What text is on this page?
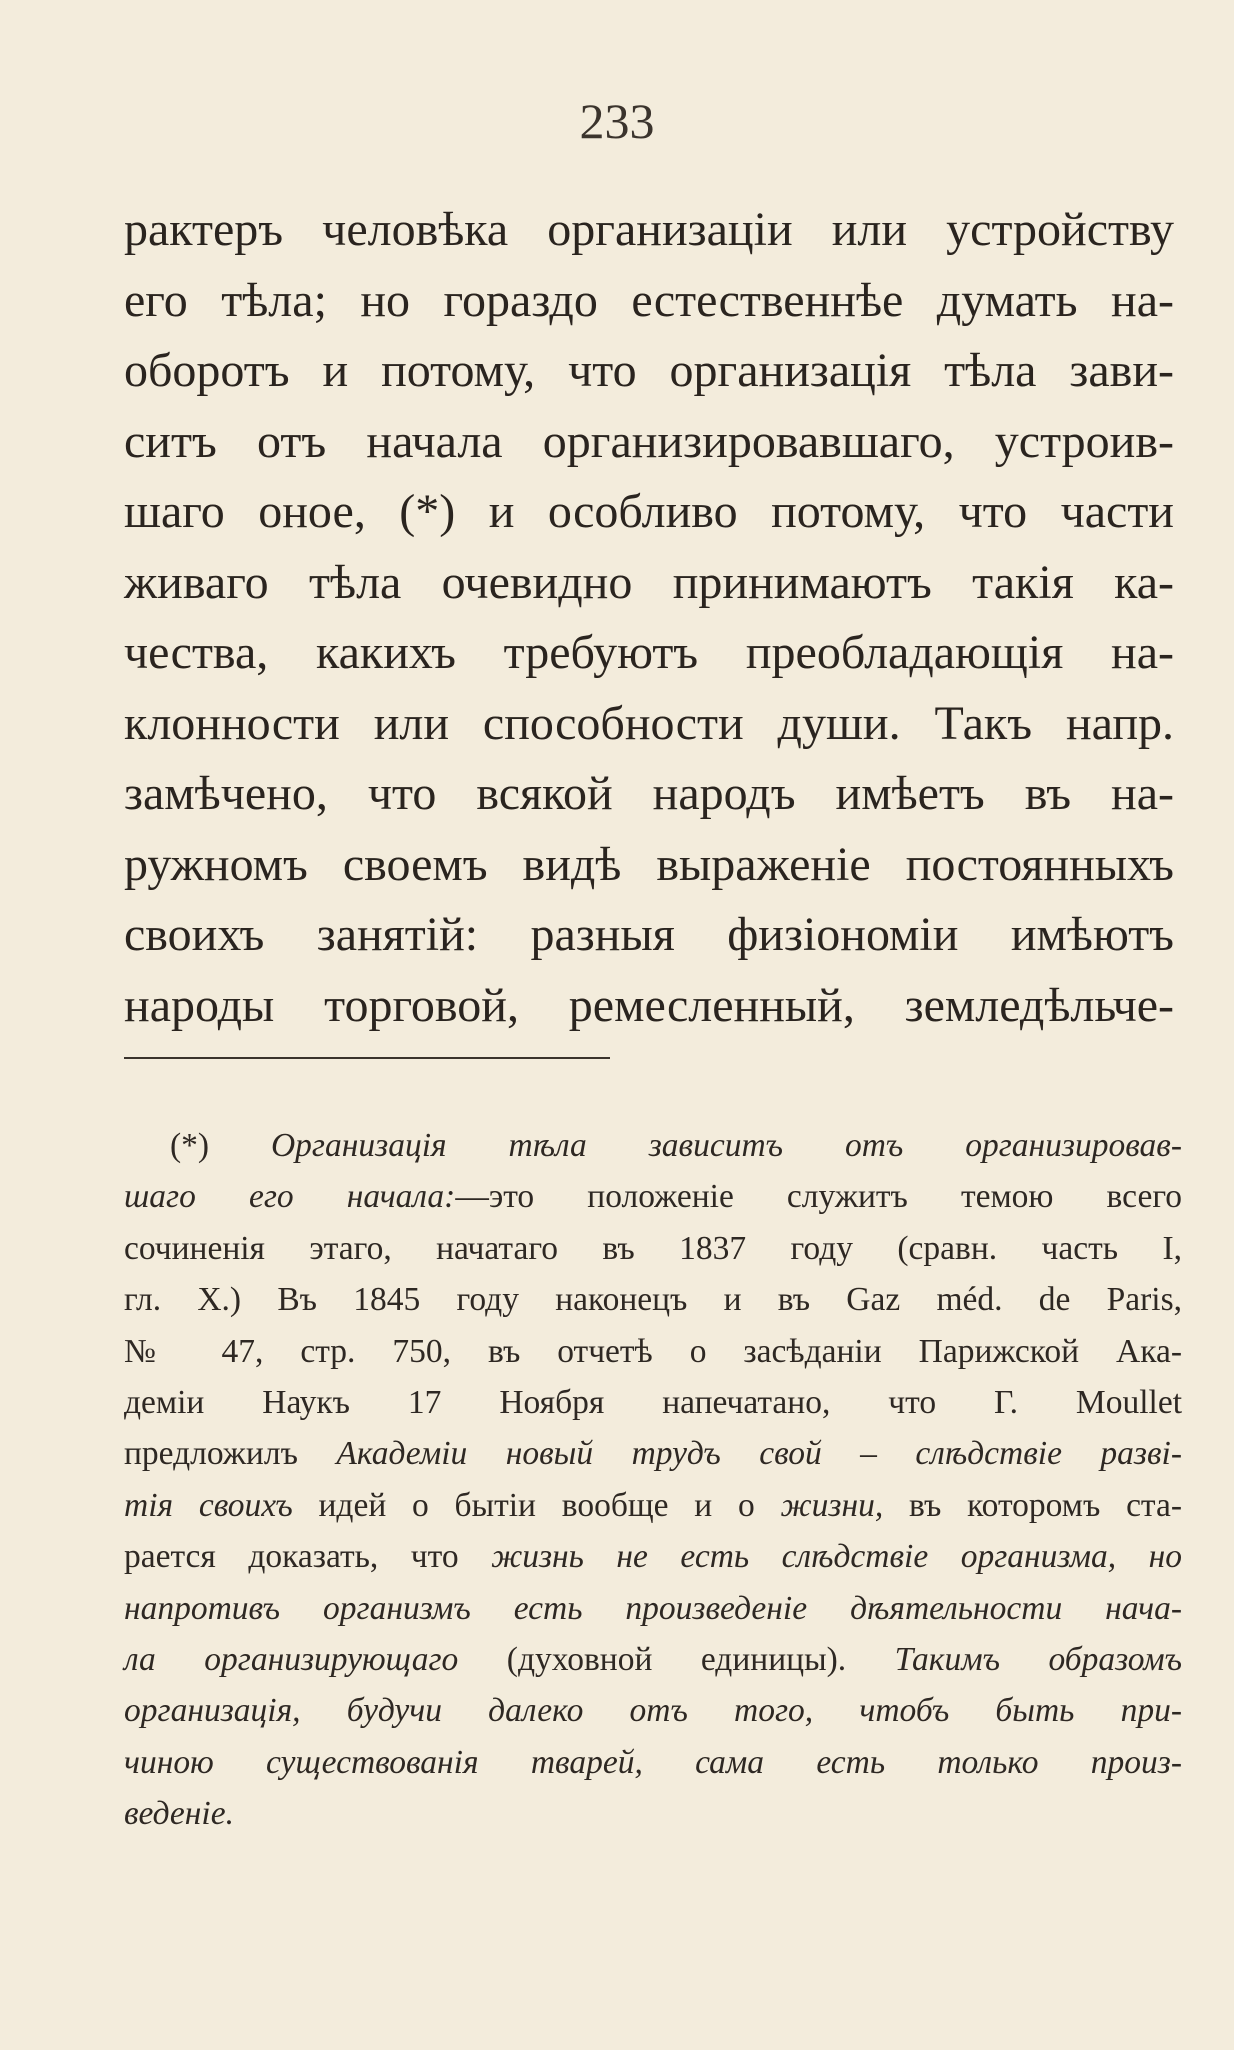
233
рактеръ человѣка организаціи или устройству
его тѣла; но гораздо естественнѣе думать на-
оборотъ и потому, что организація тѣла зави-
ситъ отъ начала организировавшаго, устроив-
шаго оное, (*) и особливо потому, что части
живаго тѣла очевидно принимаютъ такія ка-
чества, какихъ требуютъ преобладающія на-
клонности или способности души. Такъ напр.
замѣчено, что всякой народъ имѣетъ въ на-
ружномъ своемъ видѣ выраженіе постоянныхъ
своихъ занятій: разныя физіономіи имѣютъ
народы торговой, ремесленный, земледѣльче-
(*) Организація тѣла зависитъ отъ организировав-
шаго его начала:—это положеніе служитъ темою всего
сочиненія этаго, начатаго въ 1837 году (сравн. часть I,
гл. X.) Въ 1845 году наконецъ и въ Gaz méd. de Paris,
№ 47, стр. 750, въ отчетѣ о засѣданіи Парижской Ака-
деміи Наукъ 17 Ноября напечатано, что Г. Moullet
предложилъ Академіи новый трудъ свой – слѣдствіе разві-
тія своихъ идей о бытіи вообще и о жизни, въ которомъ ста-
рается доказать, что жизнь не есть слѣдствіе организма, но
напротивъ организмъ есть произведеніе дѣятельности нача-
ла организирующаго (духовной единицы). Такимъ образомъ
организація, будучи далеко отъ того, чтобъ быть при-
чиною существованія тварей, сама есть только произ-
веденіе.
